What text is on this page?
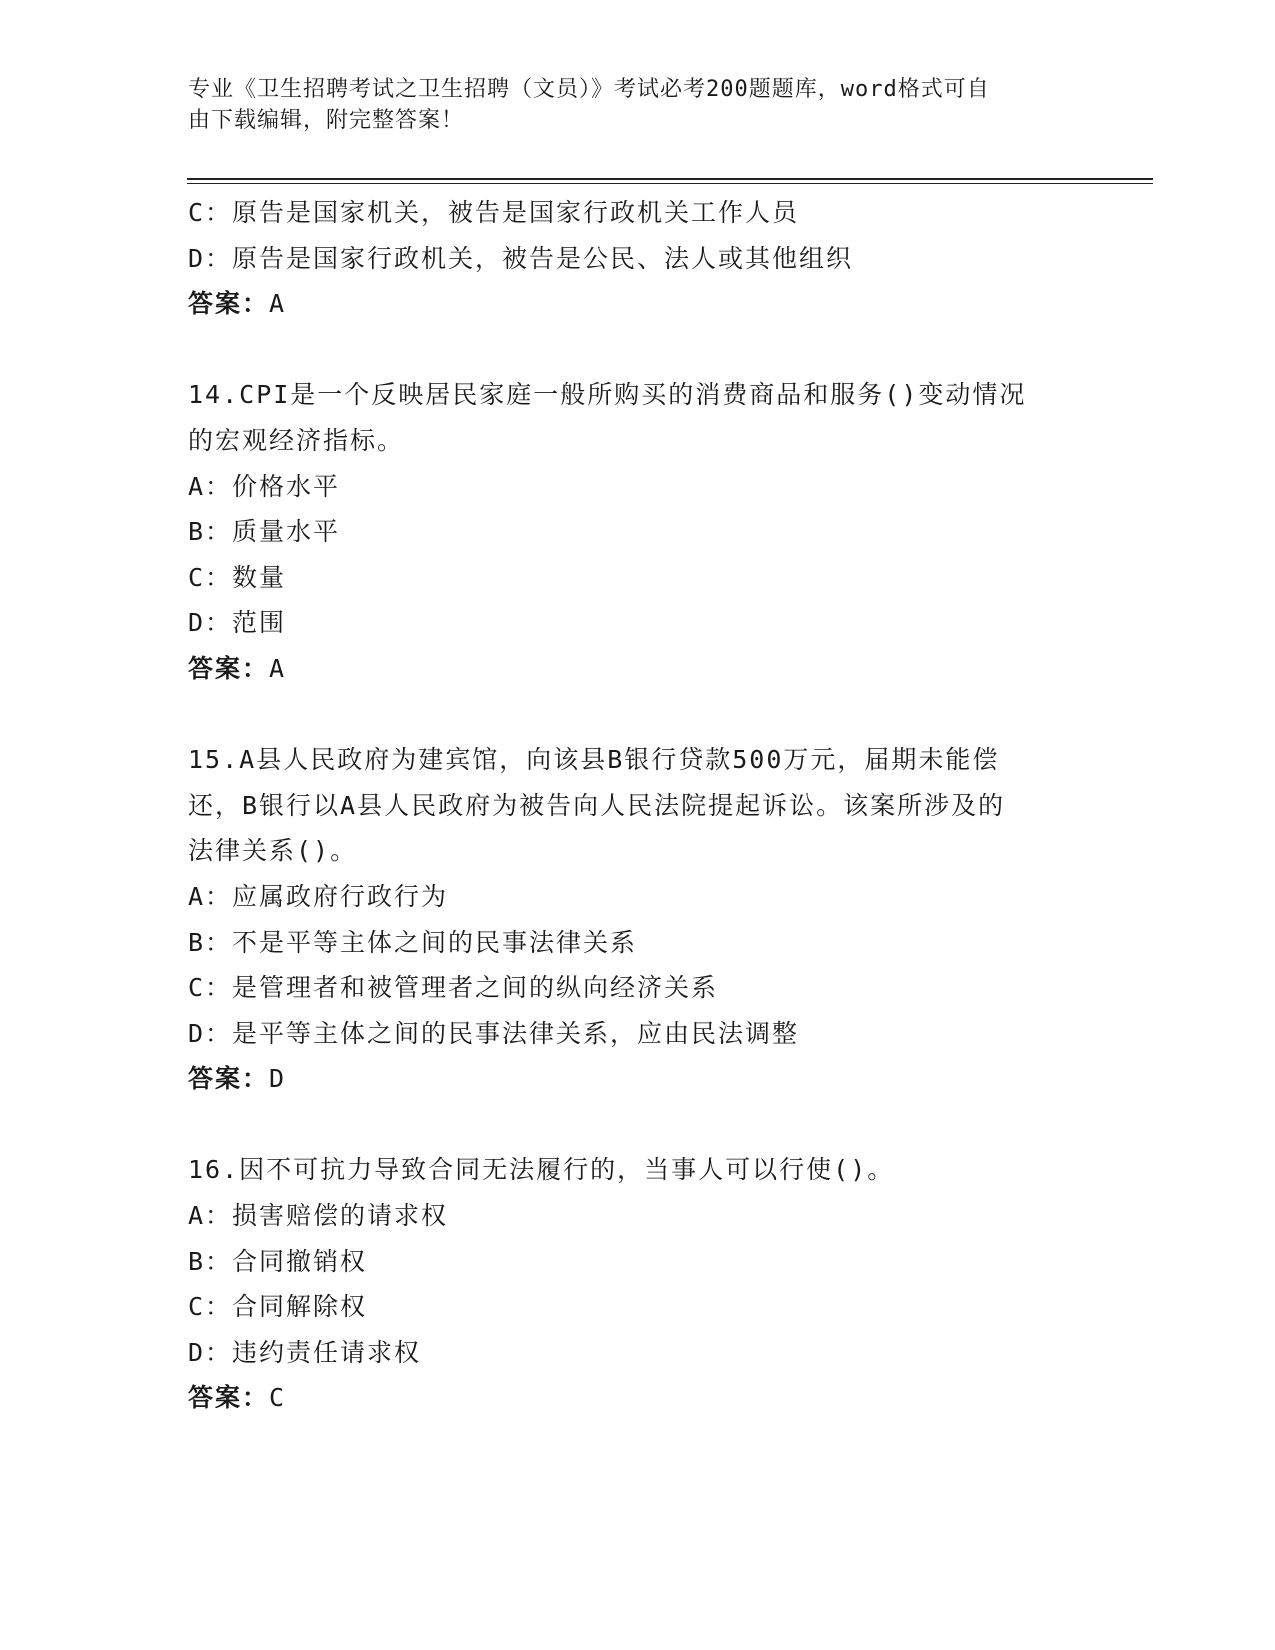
专业《卫生招聘考试之卫生招聘（文员）》考试必考200题题库，word格式可自
由下载编辑，附完整答案！
C：原告是国家机关，被告是国家行政机关工作人员
D：原告是国家行政机关，被告是公民、法人或其他组织
答案：A
14.CPI是一个反映居民家庭一般所购买的消费商品和服务()变动情况
的宏观经济指标。
A：价格水平
B：质量水平
C：数量
D：范围
答案：A
15.A县人民政府为建宾馆，向该县B银行贷款500万元，届期未能偿
还，B银行以A县人民政府为被告向人民法院提起诉讼。该案所涉及的
法律关系()。
A：应属政府行政行为
B：不是平等主体之间的民事法律关系
C：是管理者和被管理者之间的纵向经济关系
D：是平等主体之间的民事法律关系，应由民法调整
答案：D
16.因不可抗力导致合同无法履行的，当事人可以行使()。
A：损害赔偿的请求权
B：合同撤销权
C：合同解除权
D：违约责任请求权
答案：C
